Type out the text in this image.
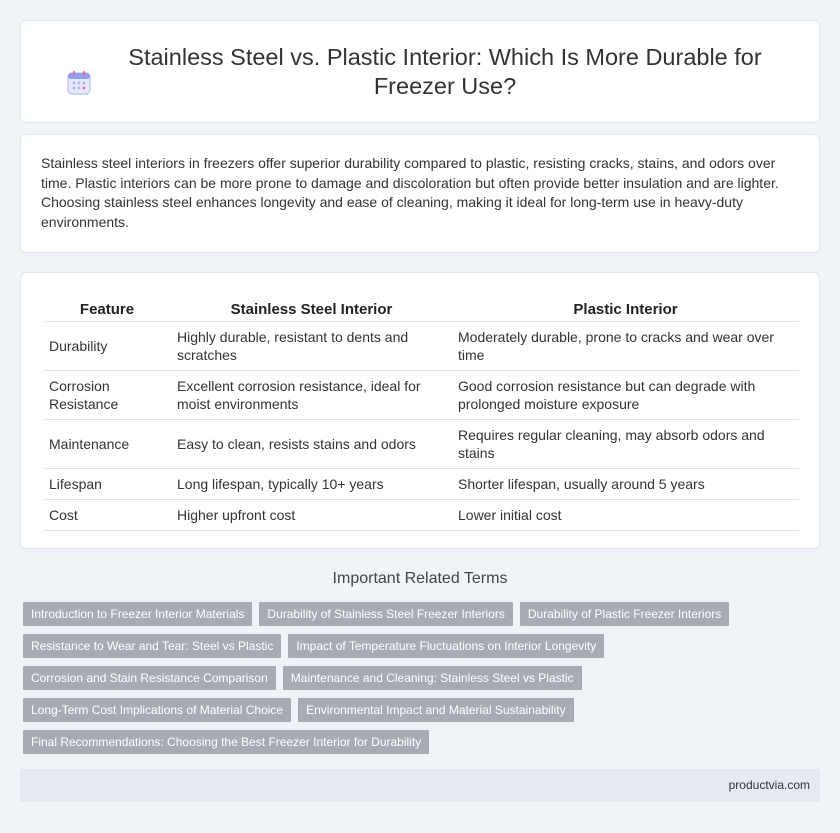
Stainless Steel vs. Plastic Interior: Which Is More Durable for Freezer Use?

Stainless steel interiors in freezers offer superior durability compared to plastic, resisting cracks, stains, and odors over time. Plastic interiors can be more prone to damage and discoloration but often provide better insulation and are lighter. Choosing stainless steel enhances longevity and ease of cleaning, making it ideal for long-term use in heavy-duty environments.

Feature	Stainless Steel Interior	Plastic Interior
Durability	Highly durable, resistant to dents and scratches	Moderately durable, prone to cracks and wear over time
Corrosion Resistance	Excellent corrosion resistance, ideal for moist environments	Good corrosion resistance but can degrade with prolonged moisture exposure
Maintenance	Easy to clean, resists stains and odors	Requires regular cleaning, may absorb odors and stains
Lifespan	Long lifespan, typically 10+ years	Shorter lifespan, usually around 5 years
Cost	Higher upfront cost	Lower initial cost
Important Related Terms
Introduction to Freezer Interior Materials	Durability of Stainless Steel Freezer Interiors	Durability of Plastic Freezer Interiors
Resistance to Wear and Tear: Steel vs Plastic	Impact of Temperature Fluctuations on Interior Longevity
Corrosion and Stain Resistance Comparison	Maintenance and Cleaning: Stainless Steel vs Plastic
Long-Term Cost Implications of Material Choice	Environmental Impact and Material Sustainability
Final Recommendations: Choosing the Best Freezer Interior for Durability
productvia.com
